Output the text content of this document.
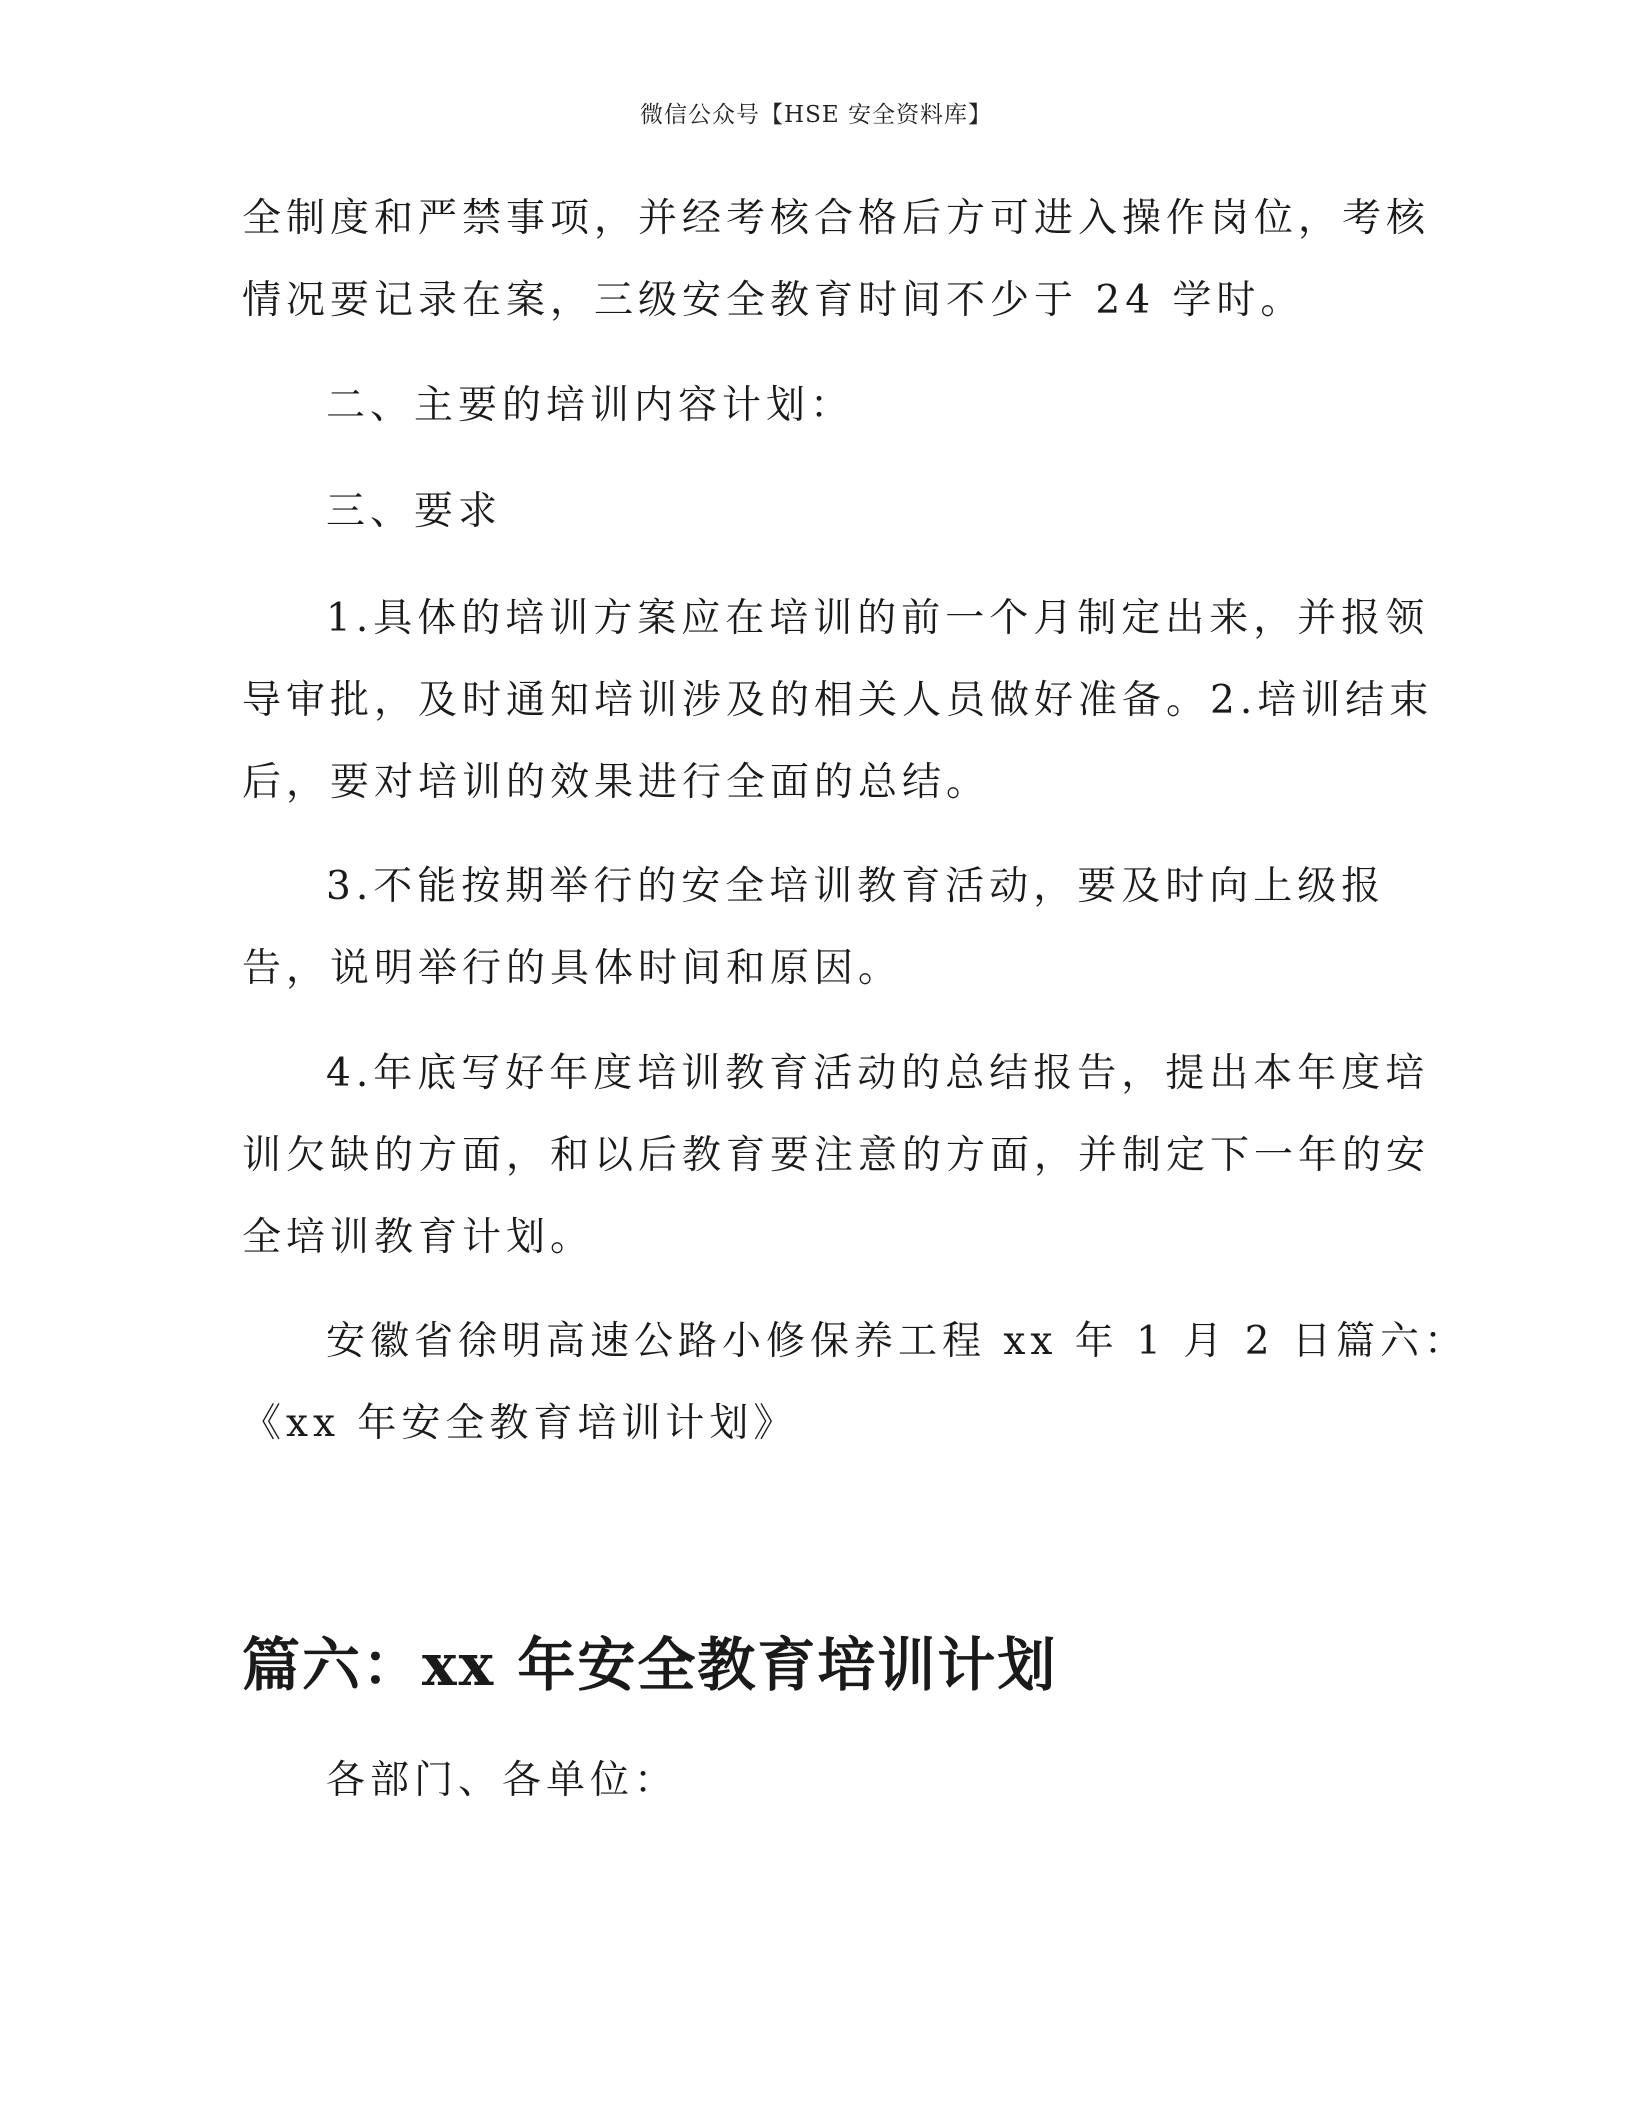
微信公众号【HSE 安全资料库】
全制度和严禁事项，并经考核合格后方可进入操作岗位，考核
情况要记录在案，三级安全教育时间不少于 24 学时。
二、主要的培训内容计划：
三、要求
1.具体的培训方案应在培训的前一个月制定出来，并报领
导审批，及时通知培训涉及的相关人员做好准备。2.培训结束
后，要对培训的效果进行全面的总结。
3.不能按期举行的安全培训教育活动，要及时向上级报
告，说明举行的具体时间和原因。
4.年底写好年度培训教育活动的总结报告，提出本年度培
训欠缺的方面，和以后教育要注意的方面，并制定下一年的安
全培训教育计划。
安徽省徐明高速公路小修保养工程 xx 年 1 月 2 日篇六：
《xx 年安全教育培训计划》
篇六：xx 年安全教育培训计划
各部门、各单位：
